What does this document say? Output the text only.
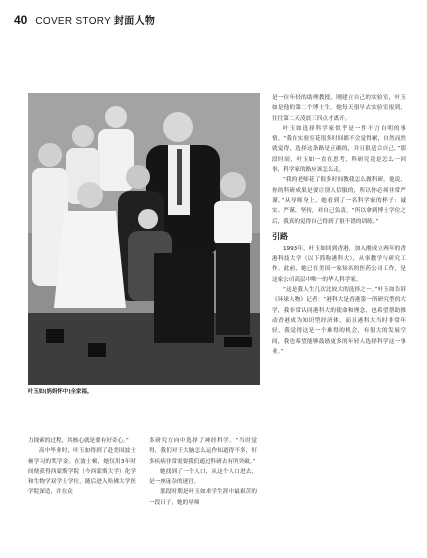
40 COVER STORY 封面人物
叶玉如(妈妈怀中)全家福。

力探索的过程，其核心就是要有好奇心。”

高中毕业时，叶玉如得到了赴美国波士顿学习的奖学金。在波士顿，她仅用3年时间便获得西蒙斯学院（今西蒙斯大学）化学和生物学双学士学位，随后进入哈佛大学医学院深造，并在众

多研究方向中选择了神经科学。“当时觉得，我们对于大脑怎么运作知道得不多，好多疾病非常需要我们通过科研去有所突破。”

她找到了一个人口，从这个人口进去，是一座庞杂的迷宫。

那段时期是叶玉如求学生涯中最艰苦的一段日子，她的导师

是一位年轻的助理教授，刚建立自己的实验室，叶玉如是他的第二个博士生。她每天很早去实验室报到，往往第二天凌晨三四点才离开。

叶玉如选择科学家似乎是一件不言自明的事情。“我在实验室花很多时间都不会觉得累，自然而然就觉得，选择这条路是正确的，并且很适合自己。”那段时间，叶玉如一直在思考，科研究竟是怎么一回事，科学家的路应该怎么走。

“我的老师花了很多时间教我怎么做科研。他说，你的科研成果是要让别人信服的，所以你必须非常严谨。”从导师身上，她看到了一名科学家的样子：诚实、严谨、坚持，对自己负责。“所以拿到博士学位之后，我真的觉得自己得到了很不错的训练。”

引路

1993年，叶玉如回到香港，加入刚成立两年的香港科技大学（以下简称港科大），从事教学与研究工作。此前，她已在美国一家知名的医药公司工作，是这家公司高层中唯一的华人科学家。

“这是我人生几次比较大的选择之一。”叶玉如告诉《环球人物》记者：“港科大是香港第一所研究型的大学，我非常认同港科大的使命和理念，也希望帮助推动香港成为知识型经济体，而且港科大当时非常年轻，我觉得这是一个难得的机会，有很大的发展空间，我也希望能够鼓励更多的年轻人选择科学这一事业。”
